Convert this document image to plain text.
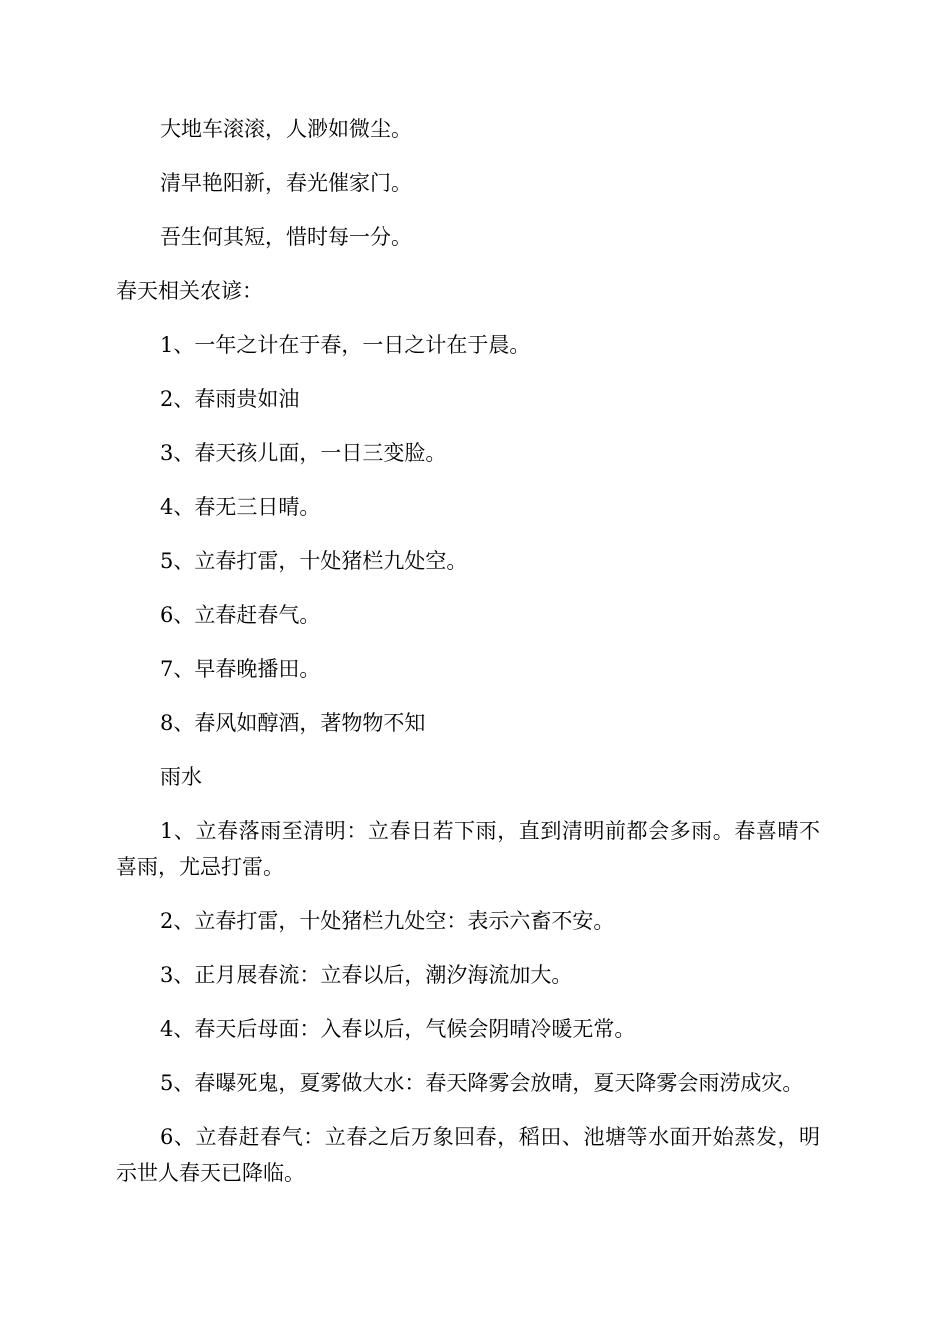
大地车滚滚，人渺如微尘。
清早艳阳新，春光催家门。
吾生何其短，惜时每一分。
春天相关农谚：
1、一年之计在于春，一日之计在于晨。
2、春雨贵如油
3、春天孩儿面，一日三变脸。
4、春无三日晴。
5、立春打雷，十处猪栏九处空。
6、立春赶春气。
7、早春晚播田。
8、春风如醇酒，著物物不知
雨水
1、立春落雨至清明：立春日若下雨，直到清明前都会多雨。春喜晴不喜雨，尤忌打雷。
2、立春打雷，十处猪栏九处空：表示六畜不安。
3、正月展春流：立春以后，潮汐海流加大。
4、春天后母面：入春以后，气候会阴晴冷暖无常。
5、春曝死鬼，夏雾做大水：春天降雾会放晴，夏天降雾会雨涝成灾。
6、立春赶春气：立春之后万象回春，稻田、池塘等水面开始蒸发，明示世人春天已降临。
